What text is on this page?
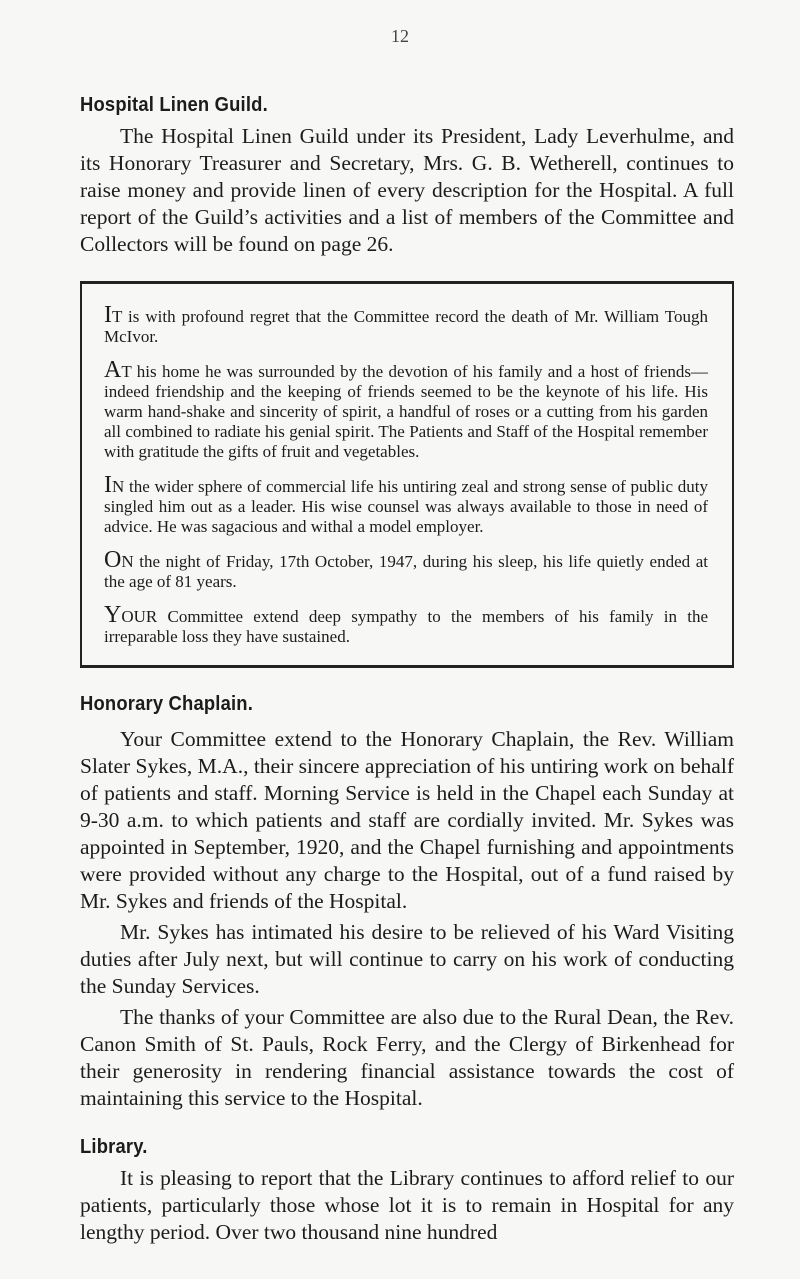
12
Hospital Linen Guild.

The Hospital Linen Guild under its President, Lady Leverhulme, and its Honorary Treasurer and Secretary, Mrs. G. B. Wetherell, continues to raise money and provide linen of every description for the Hospital. A full report of the Guild’s activities and a list of members of the Committee and Collectors will be found on page 26.

IT is with profound regret that the Committee record the death of Mr. William Tough McIvor.

AT his home he was surrounded by the devotion of his family and a host of friends—indeed friendship and the keeping of friends seemed to be the keynote of his life. His warm hand-shake and sincerity of spirit, a handful of roses or a cutting from his garden all combined to radiate his genial spirit. The Patients and Staff of the Hospital remember with gratitude the gifts of fruit and vegetables.

IN the wider sphere of commercial life his untiring zeal and strong sense of public duty singled him out as a leader. His wise counsel was always available to those in need of advice. He was sagacious and withal a model employer.

ON the night of Friday, 17th October, 1947, during his sleep, his life quietly ended at the age of 81 years.

YOUR Committee extend deep sympathy to the members of his family in the irreparable loss they have sustained.

Honorary Chaplain.

Your Committee extend to the Honorary Chaplain, the Rev. William Slater Sykes, M.A., their sincere appreciation of his untiring work on behalf of patients and staff. Morning Service is held in the Chapel each Sunday at 9-30 a.m. to which patients and staff are cordially invited. Mr. Sykes was appointed in September, 1920, and the Chapel furnishing and appointments were provided without any charge to the Hospital, out of a fund raised by Mr. Sykes and friends of the Hospital.

Mr. Sykes has intimated his desire to be relieved of his Ward Visiting duties after July next, but will continue to carry on his work of conducting the Sunday Services.

The thanks of your Committee are also due to the Rural Dean, the Rev. Canon Smith of St. Pauls, Rock Ferry, and the Clergy of Birkenhead for their generosity in rendering financial assistance towards the cost of maintaining this service to the Hospital.

Library.

It is pleasing to report that the Library continues to afford relief to our patients, particularly those whose lot it is to remain in Hospital for any lengthy period. Over two thousand nine hundred
